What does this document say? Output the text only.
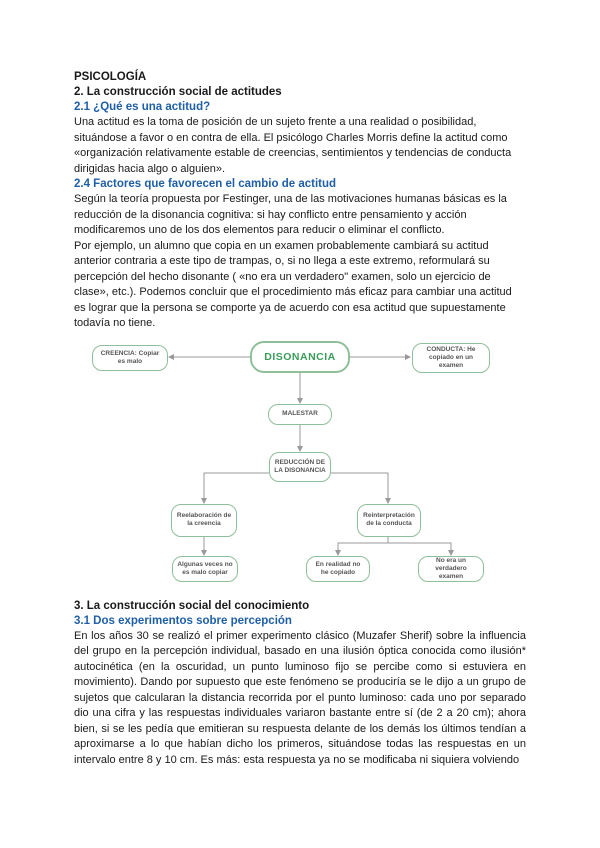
PSICOLOGÍA

2. La construcción social de actitudes

2.1 ¿Qué es una actitud?

Una actitud es la toma de posición de un sujeto frente a una realidad o posibilidad, situándose a favor o en contra de ella. El psicólogo Charles Morris define la actitud como «organización relativamente estable de creencias, sentimientos y tendencias de conducta dirigidas hacia algo o alguien».

2.4 Factores que favorecen el cambio de actitud

Según la teoría propuesta por Festinger, una de las motivaciones humanas básicas es la reducción de la disonancia cognitiva: si hay conflicto entre pensamiento y acción modificaremos uno de los dos elementos para reducir o eliminar el conflicto.

Por ejemplo, un alumno que copia en un examen probablemente cambiará su actitud anterior contraria a este tipo de trampas, o, si no llega a este extremo, reformulará su percepción del hecho disonante ( «no era un verdadero" examen, solo un ejercicio de clase», etc.). Podemos concluir que el procedimiento más eficaz para cambiar una actitud es lograr que la persona se comporte ya de acuerdo con esa actitud que supuestamente todavía no tiene.

CREENCIA: Copiar es malo	DISONANCIA
CONDUCTA: He copiado en un examen
MALESTAR
REDUCCIÓN DE LA DISONANCIA
Reelaboración de la creencia
Reinterpretación de la conducta
Algunas veces no es malo copiar
En realidad no he copiado
No era un verdadero examen

3. La construcción social del conocimiento

3.1 Dos experimentos sobre percepción

En los años 30 se realizó el primer experimento clásico (Muzafer Sherif) sobre la influencia del grupo en la percepción individual, basado en una ilusión óptica conocida como ilusión* autocinética (en la oscuridad, un punto luminoso fijo se percibe como si estuviera en movimiento). Dando por supuesto que este fenómeno se produciría se le dijo a un grupo de sujetos que calcularan la distancia recorrida por el punto luminoso: cada uno por separado dio una cifra y las respuestas individuales variaron bastante entre sí (de 2 a 20 cm); ahora bien, si se les pedía que emitieran su respuesta delante de los demás los últimos tendían a aproximarse a lo que habían dicho los primeros, situándose todas las respuestas en un intervalo entre 8 y 10 cm. Es más: esta respuesta ya no se modificaba ni siquiera volviendo
